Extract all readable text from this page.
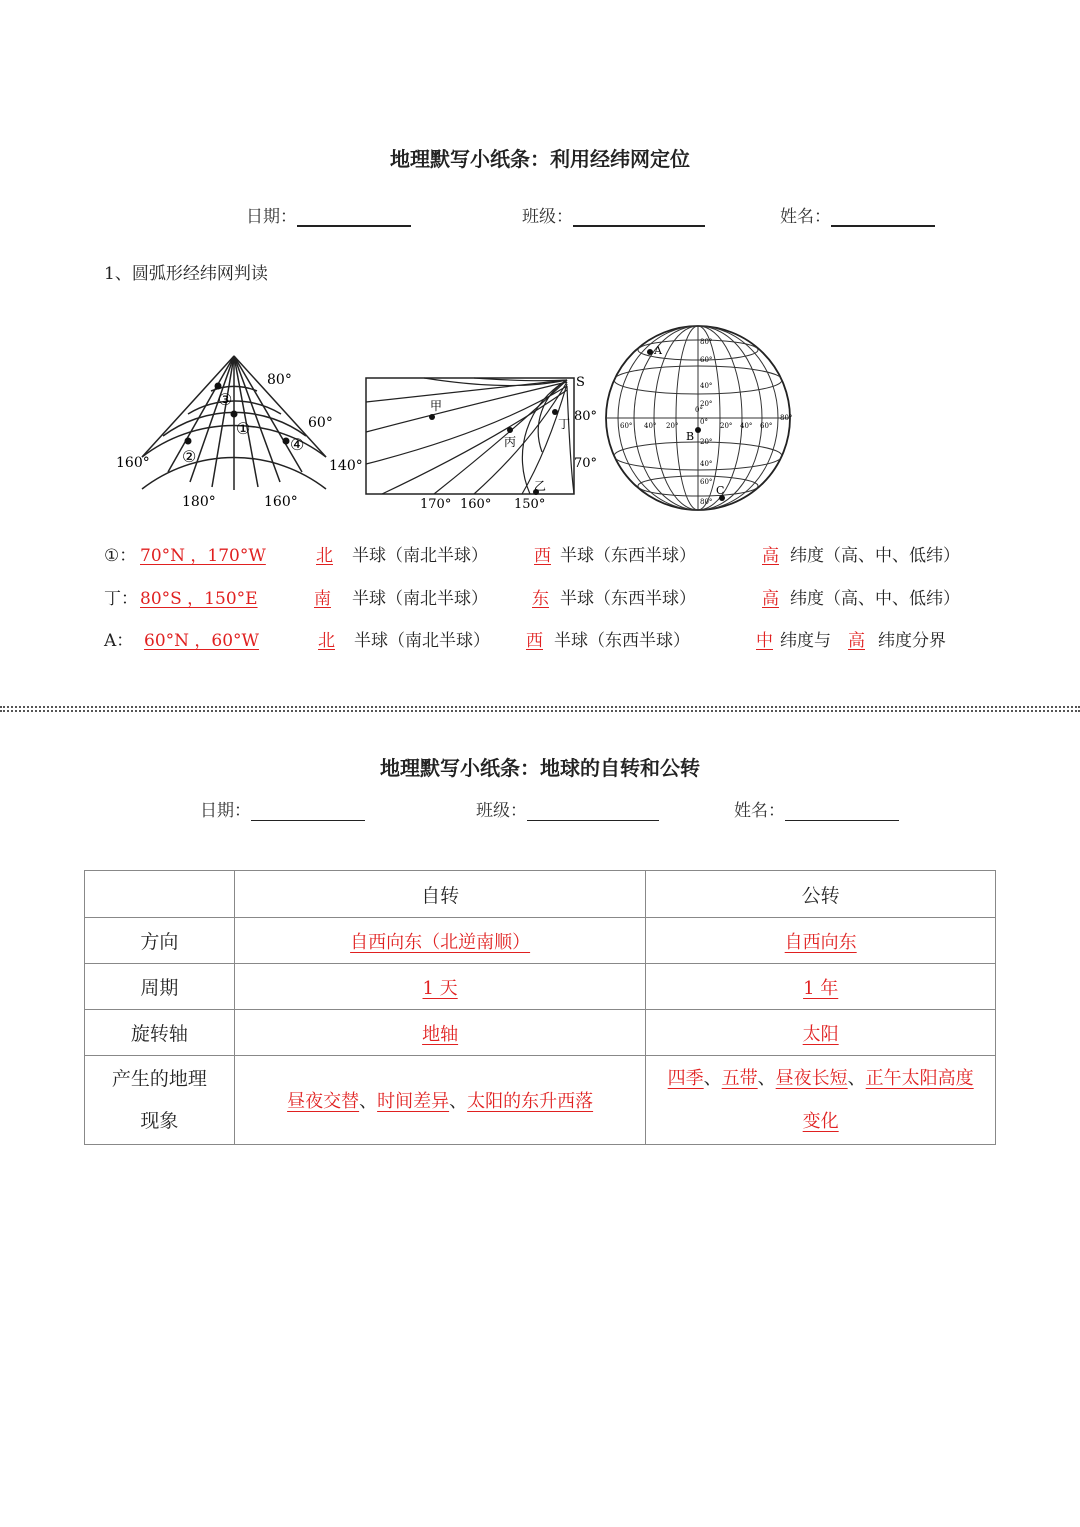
地理默写小纸条：利用经纬网定位
日期：	班级：	姓名：
1、圆弧形经纬网判读
80°
60°
160°
180°	160°
140°
③
①
②
④
S
80°
70°
170° 160° 150°
甲
丙
丁
乙
A
B
C
80°
60°
40°
20°
0°
20°
40°
60°
80°
60° 40° 20°
0°
20° 40° 60°
80°
①： 70°N ，170°W	北 半球（南北半球）	西 半球（东西半球）	高 纬度（高、中、低纬）
丁： 80°S ，150°E	南 半球（南北半球）	东 半球（东西半球）	高 纬度（高、中、低纬）
A： 60°N ，60°W	北 半球（南北半球） 西 半球（东西半球）	中 纬度与 高 纬度分界
地理默写小纸条：地球的自转和公转
日期：	班级：	姓名：
	自转	公转
方向	自西向东（北逆南顺）	自西向东
周期	1 天	1 年
旋转轴	地轴	太阳
产生的地理
现象	昼夜交替、时间差异、太阳的东升西落	四季、五带、昼夜长短、正午太阳高度
变化
